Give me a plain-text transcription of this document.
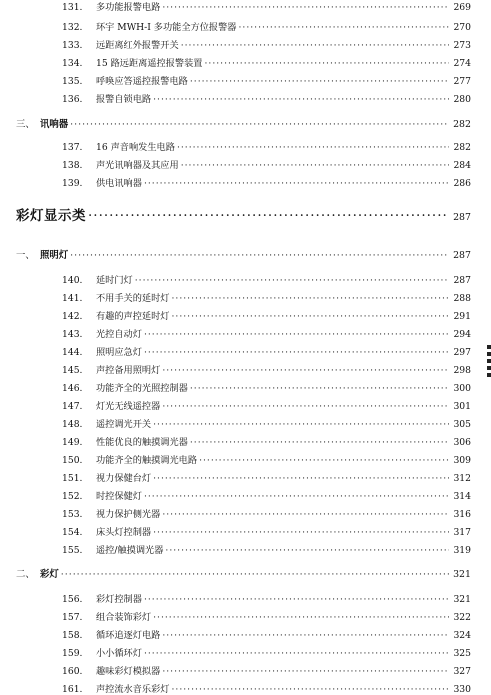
131.	多功能报警电路 ·····	269
132.	环宇 MWH-I 多功能全方位报警器 ·····	270
133.	远距离红外报警开关 ·····	273
134.	15 路远距离遥控报警装置 ·····	274
135.	呼唤应答遥控报警电路 ·····	277
136.	报警自锁电路 ·····	280
三、 讯响器 ·····	282
137.	16 声音响发生电路 ·····	282
138.	声光讯响器及其应用 ·····	284
139.	供电讯响器 ·····	286
彩灯显示类 ·····	287
一、 照明灯 ·····	287
140.	延时门灯 ·····	287
141.	不用手关的延时灯 ·····	288
142.	有趣的声控延时灯 ·····	291
143.	光控自动灯 ·····	294
144.	照明应急灯 ·····	297
145.	声控备用照明灯 ·····	298
146.	功能齐全的光照控制器 ·····	300
147.	灯光无线遥控器 ·····	301
148.	遥控调光开关 ·····	305
149.	性能优良的触摸调光器 ·····	306
150.	功能齐全的触摸调光电路 ·····	309
151.	视力保健台灯 ·····	312
152.	时控保健灯 ·····	314
153.	视力保护侧光器 ·····	316
154.	床头灯控制器 ·····	317
155.	遥控/触摸调光器 ·····	319
二、 彩灯 ·····	321
156.	彩灯控制器 ·····	321
157.	组合装饰彩灯 ·····	322
158.	循环追逐灯电路 ·····	324
159.	小小循环灯 ·····	325
160.	趣味彩灯模拟器 ·····	327
161.	声控流水音乐彩灯 ·····	330
